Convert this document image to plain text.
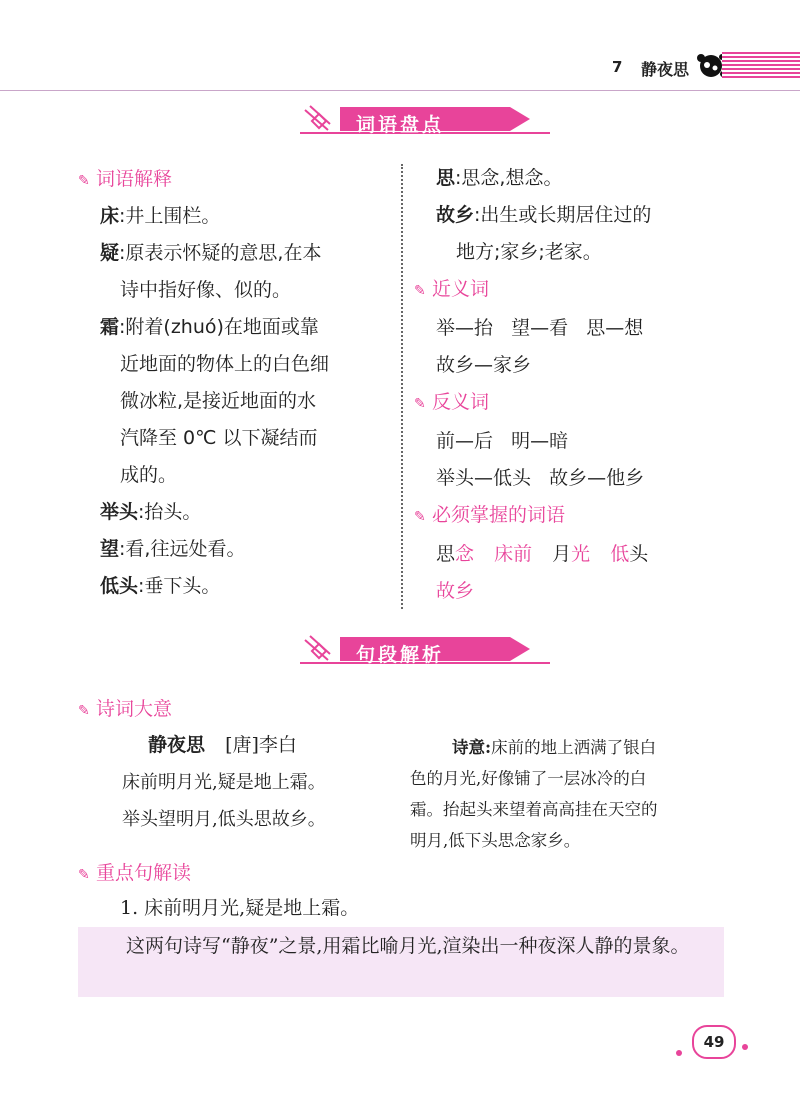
7 静夜思
词语盘点
✎ 词语解释
床:井上围栏。
疑:原表示怀疑的意思,在本
诗中指好像、似的。
霜:附着(zhuó)在地面或靠
近地面的物体上的白色细
微冰粒,是接近地面的水
汽降至 0℃ 以下凝结而
成的。
举头:抬头。
望:看,往远处看。
低头:垂下头。
思:思念,想念。
故乡:出生或长期居住过的
地方;家乡;老家。
✎ 近义词
举—抬   望—看   思—想
故乡—家乡
✎ 反义词
前—后   明—暗
举头—低头   故乡—他乡
✎ 必须掌握的词语
思念 床前 月光 低头
故乡
句段解析
✎ 诗词大意
静夜思 [唐]李白
床前明月光,疑是地上霜。
举头望明月,低头思故乡。
诗意:床前的地上洒满了银白
色的月光,好像铺了一层冰冷的白
霜。抬起头来望着高高挂在天空的
明月,低下头思念家乡。
✎ 重点句解读
1. 床前明月光,疑是地上霜。
这两句诗写“静夜”之景,用霜比喻月光,渲染出一种夜深人静的景象。
49
